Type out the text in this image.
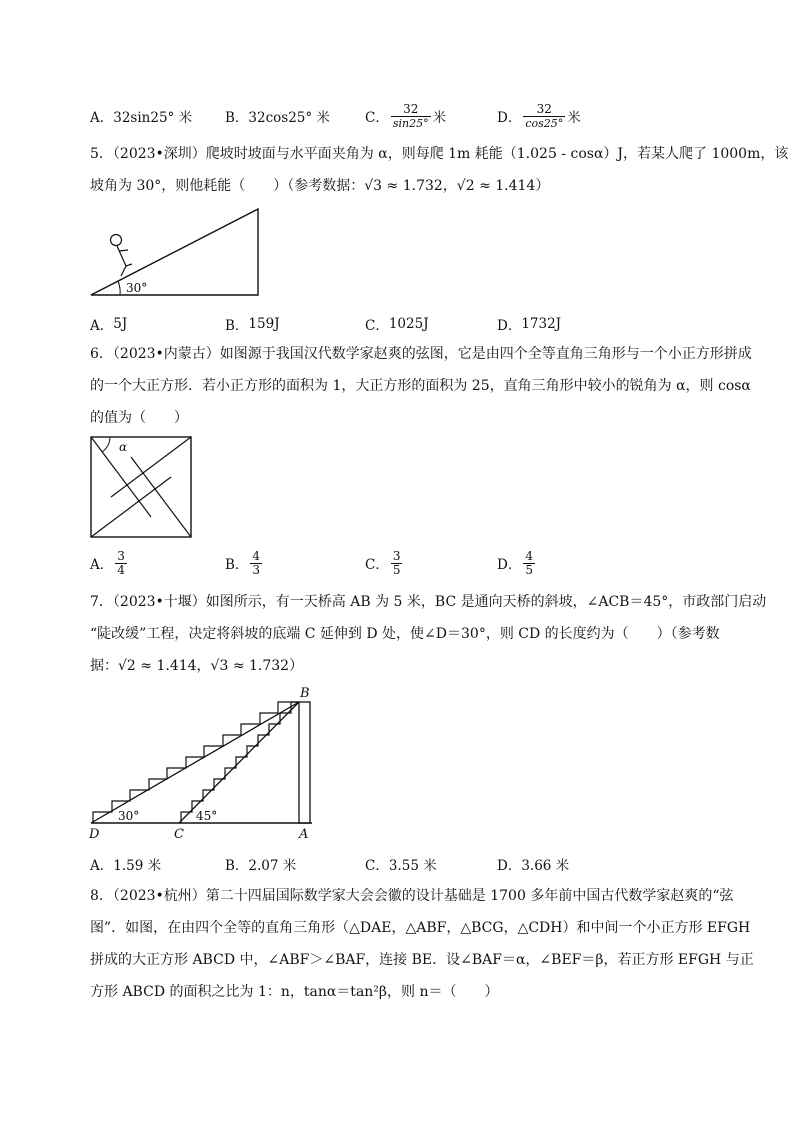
A． 32sin25° 米 B． 32cos25° 米	C． $\frac{32}{\sin 25^\circ}$ 米	D． $\frac{32}{\cos 25^\circ}$ 米
5．（2023•深圳）爬坡时坡面与水平面夹角为 α，则每爬 1m 耗能（1.025 - cosα）J，若某人爬了 1000m，该
坡角为 30°，则他耗能（　　）（参考数据：√3 ≈ 1.732，√2 ≈ 1.414）
30°
A． 5J	B． 159J	C． 1025J	D． 1732J
6．（2023•内蒙古）如图源于我国汉代数学家赵爽的弦图，它是由四个全等直角三角形与一个小正方形拼成
的一个大正方形．若小正方形的面积为 1，大正方形的面积为 25，直角三角形中较小的锐角为 α，则 cosα
的值为（　　）
α
A． $\frac{3}{4}$	B． $\frac{4}{3}$	C． $\frac{3}{5}$	D． $\frac{4}{5}$
7．（2023•十堰）如图所示，有一天桥高 AB 为 5 米，BC 是通向天桥的斜坡，∠ACB＝45°，市政部门启动
“陡改缓”工程，决定将斜坡的底端 C 延伸到 D 处，使∠D＝30°，则 CD 的长度约为（　　）（参考数
据：√2 ≈ 1.414，√3 ≈ 1.732）
B
A
C
D
30°	45°
A． 1.59 米	B． 2.07 米	C． 3.55 米	D． 3.66 米
8．（2023•杭州）第二十四届国际数学家大会会徽的设计基础是 1700 多年前中国古代数学家赵爽的“弦
图”．如图，在由四个全等的直角三角形（△DAE，△ABF，△BCG，△CDH）和中间一个小正方形 EFGH
拼成的大正方形 ABCD 中，∠ABF＞∠BAF，连接 BE．设∠BAF＝α，∠BEF＝β，若正方形 EFGH 与正
方形 ABCD 的面积之比为 1：n，tanα＝tan²β，则 n＝（　　）
